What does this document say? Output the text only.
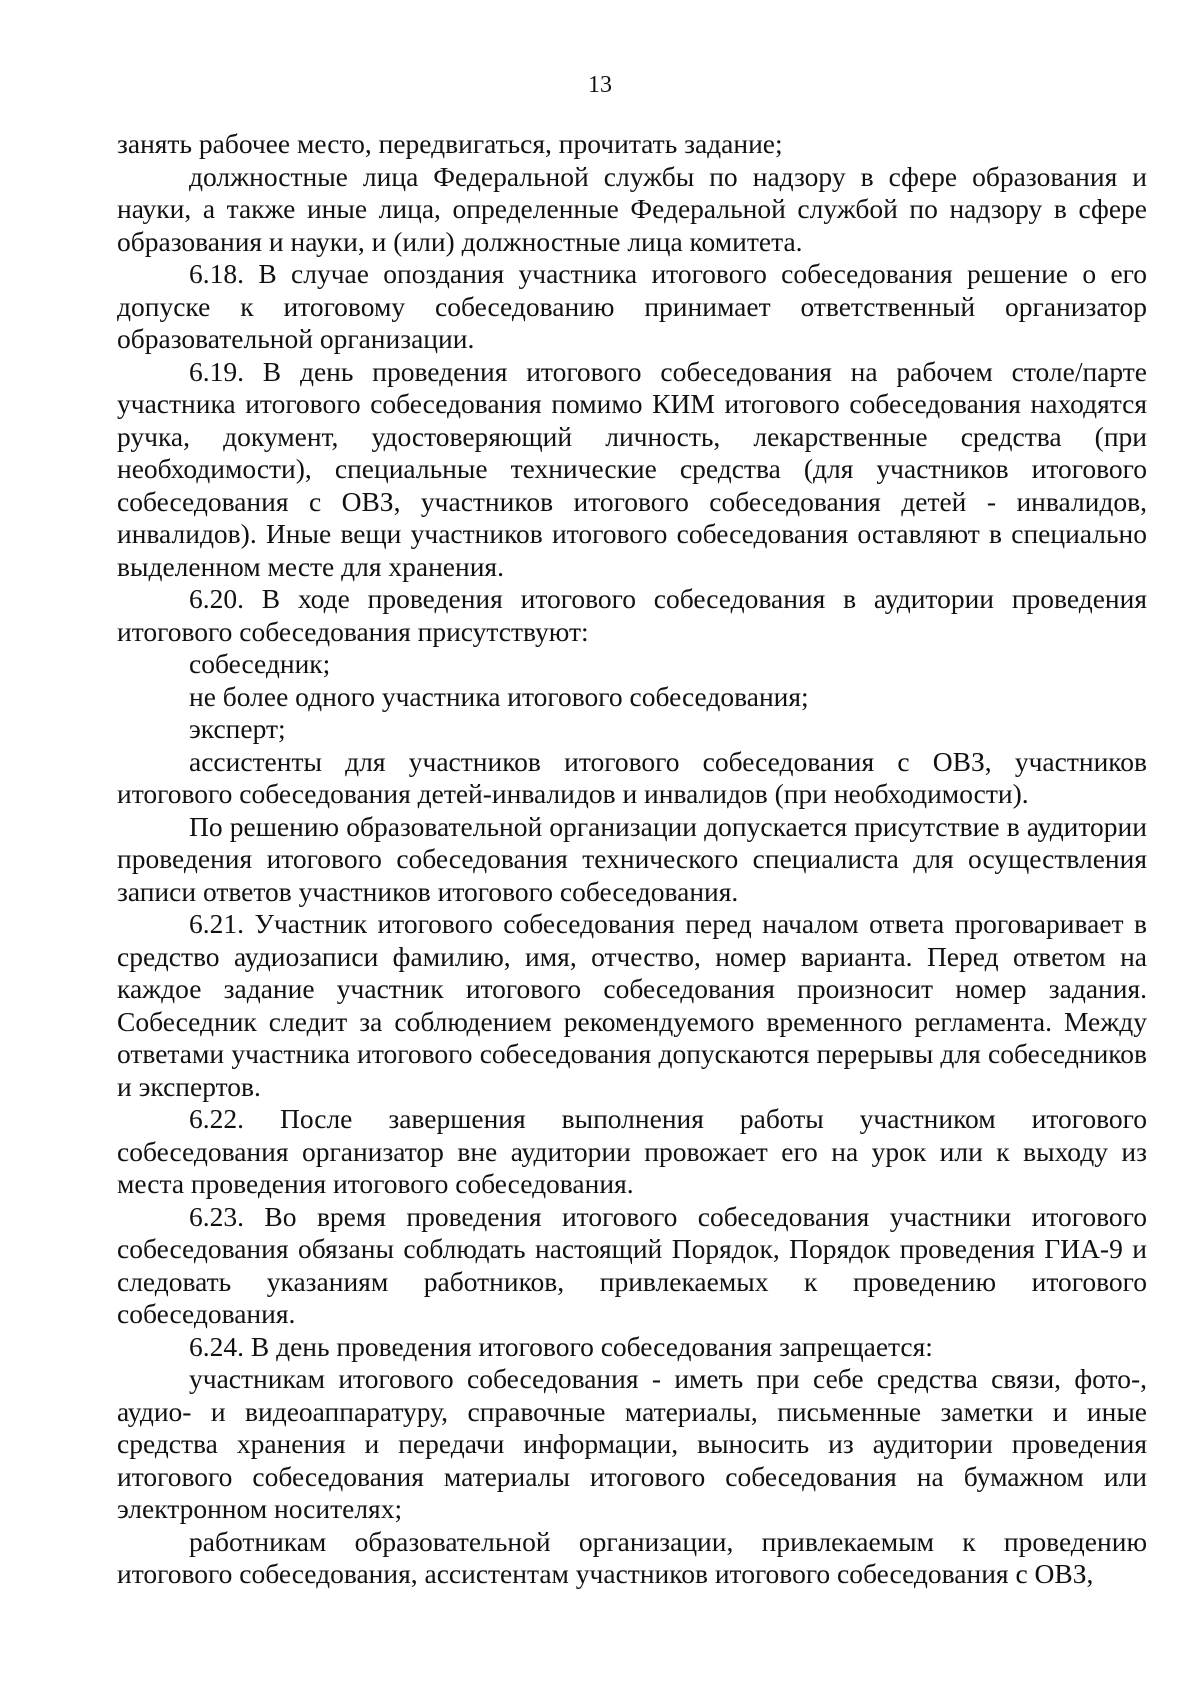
13

занять рабочее место, передвигаться, прочитать задание;

должностные лица Федеральной службы по надзору в сфере образования и науки, а также иные лица, определенные Федеральной службой по надзору в сфере образования и науки, и (или) должностные лица комитета.

6.18. В случае опоздания участника итогового собеседования решение о его допуске к итоговому собеседованию принимает ответственный организатор образовательной организации.

6.19. В день проведения итогового собеседования на рабочем столе/парте участника итогового собеседования помимо КИМ итогового собеседования находятся ручка, документ, удостоверяющий личность, лекарственные средства (при необходимости), специальные технические средства (для участников итогового собеседования с ОВЗ, участников итогового собеседования детей - инвалидов, инвалидов). Иные вещи участников итогового собеседования оставляют в специально выделенном месте для хранения.

6.20. В ходе проведения итогового собеседования в аудитории проведения итогового собеседования присутствуют:

собеседник;

не более одного участника итогового собеседования;

эксперт;

ассистенты для участников итогового собеседования с ОВЗ, участников итогового собеседования детей-инвалидов и инвалидов (при необходимости).

По решению образовательной организации допускается присутствие в аудитории проведения итогового собеседования технического специалиста для осуществления записи ответов участников итогового собеседования.

6.21. Участник итогового собеседования перед началом ответа проговаривает в средство аудиозаписи фамилию, имя, отчество, номер варианта. Перед ответом на каждое задание участник итогового собеседования произносит номер задания. Собеседник следит за соблюдением рекомендуемого временного регламента. Между ответами участника итогового собеседования допускаются перерывы для собеседников и экспертов.

6.22. После завершения выполнения работы участником итогового собеседования организатор вне аудитории провожает его на урок или к выходу из места проведения итогового собеседования.

6.23. Во время проведения итогового собеседования участники итогового собеседования обязаны соблюдать настоящий Порядок, Порядок проведения ГИА-9 и следовать указаниям работников, привлекаемых к проведению итогового собеседования.

6.24. В день проведения итогового собеседования запрещается:

участникам итогового собеседования - иметь при себе средства связи, фото-, аудио- и видеоаппаратуру, справочные материалы, письменные заметки и иные средства хранения и передачи информации, выносить из аудитории проведения итогового собеседования материалы итогового собеседования на бумажном или электронном носителях;

работникам образовательной организации, привлекаемым к проведению итогового собеседования, ассистентам участников итогового собеседования с ОВЗ,
